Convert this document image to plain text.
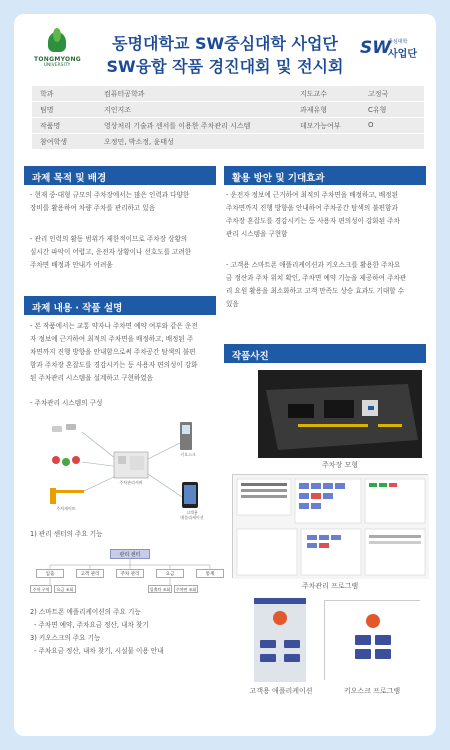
TONGMYONG
UNIVERSITY
동명대학교 SW중심대학 사업단
SW융합 작품 경진대회 및 전시회
SW
중심대학
사업단
학과	컴퓨터공학과	지도교수	고정국
팀명	지인지조	과제유형	C유형
작품명	영상처리 기술과 센서를 이용한 주차관리 시스템	데모가능여부	O
참여학생	오정민, 박소정, 윤태성
과제 목적 및 배경
- 현재 중·대형 규모의 주차장에서는 많은 인력과 다양한
장비를 활용하여 차량 주차를 관리하고 있음
- 관리 인력의 활동 범위가 제한적이므로 주차장 상황의
실시간 파악이 어렵고, 운전자 상황이나 선호도를 고려한
주차면 배정과 안내가 어려움
과제 내용 · 작품 설명
- 본 작품에서는 교통 약자나 주차면 예약 여부와 같은 운전
자 정보에 근거하여 최적의 주차면을 배정하고, 배정된 주
차면까지 진행 방향을 안내함으로써 주차공간 탐색의 불편
함과 주차장 혼잡도를 경감시키는 등 사용자 편의성이 강화
된 주차관리 시스템을 설계하고 구현하였음
- 주차관리 시스템의 구성
키오스크
주차관리서버
고객용
애플리케이션
주차게이트
1) 관리 센터의 주요 기능
관리 센터
입출	고객 관리	주차 관리	요금	통계
주차 구역	요금 조회	입출차 조회	주차면 조회
2) 스마트폰 애플리케이션의 주요 기능
- 주차면 예약, 주차요금 정산, 내차 찾기
3) 키오스크의 주요 기능
- 주차요금 정산, 내차 찾기, 시설물 이용 안내
활용 방안 및 기대효과
- 운전자 정보에 근거하여 최적의 주차면을 배정하고, 배정된
주차면까지 진행 방향을 안내하여 주차공간 탐색의 불편함과
주차장 혼잡도를 경감시키는 등 사용자 편의성이 강화된 주차
관리 시스템을 구현함
- 고객용 스마트폰 애플리케이션과 키오스크를 활용한 주차요
금 정산과 주차 위치 확인, 주차면 예약 기능을 제공하여 주차관
리 요원 활용을 최소화하고 고객 만족도 상승 효과도 기대할 수
있음
작품사진
주차장 모형
주차관리 프로그램
고객용 애플리케이션	키오스크 프로그램
